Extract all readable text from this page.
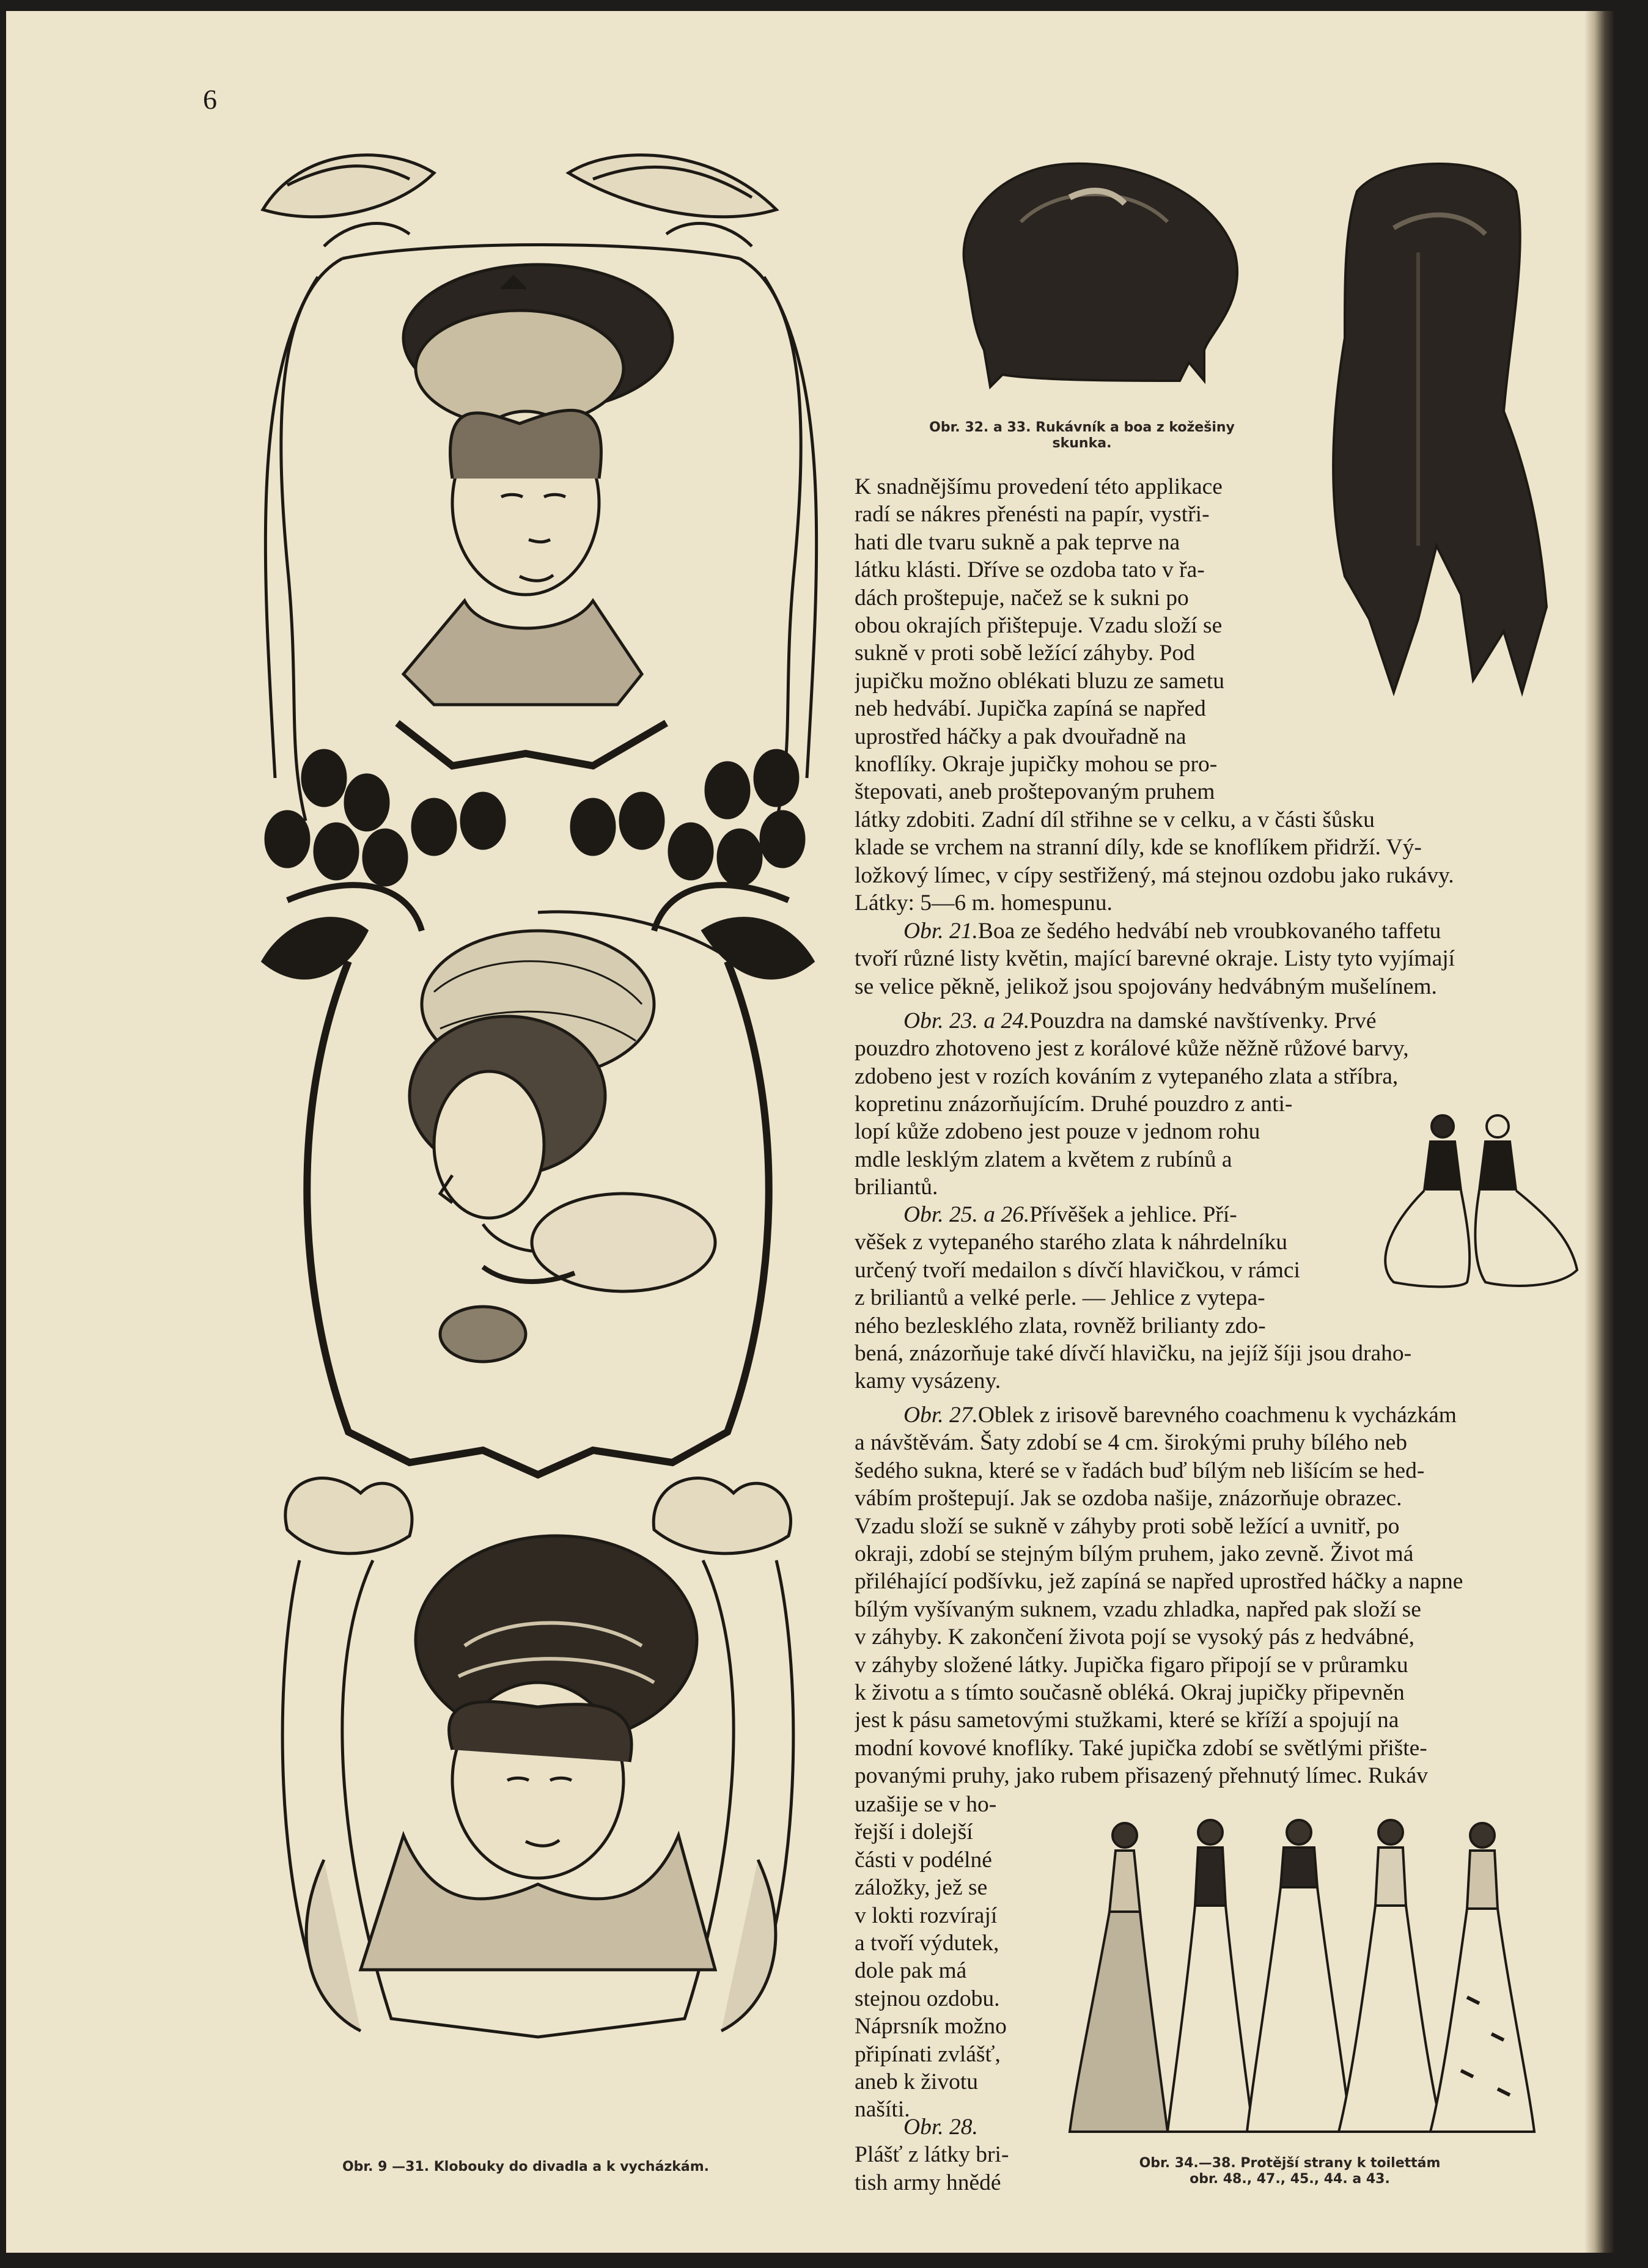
6
Obr. 9 —31. Klobouky do divadla a k vycházkám.
Obr. 32. a 33. Rukávník a boa z kožešiny
skunka.
K snadnějšímu provedení této applikace
radí se nákres přenésti na papír, vystři-
hati dle tvaru sukně a pak teprve na
látku klásti. Dříve se ozdoba tato v řa-
dách proštepuje, načež se k sukni po
obou okrajích přištepuje. Vzadu složí se
sukně v proti sobě ležící záhyby. Pod
jupičku možno oblékati bluzu ze sametu
neb hedvábí. Jupička zapíná se napřed
uprostřed háčky a pak dvouřadně na
knoflíky. Okraje jupičky mohou se pro-
štepovati, aneb proštepovaným pruhem
látky zdobiti. Zadní díl střihne se v celku, a v části šůsku
klade se vrchem na stranní díly, kde se knoflíkem přidrží. Vý-
ložkový límec, v cípy sestřižený, má stejnou ozdobu jako rukávy.
Látky: 5—6 m. homespunu.
Obr. 21.Boa ze šedého hedvábí neb vroubkovaného taffetu
tvoří různé listy květin, mající barevné okraje. Listy tyto vyjímají
se velice pěkně, jelikož jsou spojovány hedvábným mušelínem.
Obr. 23. a 24.Pouzdra na damské navštívenky. Prvé
pouzdro zhotoveno jest z korálové kůže něžně růžové barvy,
zdobeno jest v rozích kováním z vytepaného zlata a stříbra,
kopretinu znázorňujícím. Druhé pouzdro z anti-
lopí kůže zdobeno jest pouze v jednom rohu
mdle lesklým zlatem a květem z rubínů a
briliantů.
Obr. 25. a 26.Přívěšek a jehlice. Pří-
věšek z vytepaného starého zlata k náhrdelníku
určený tvoří medailon s dívčí hlavičkou, v rámci
z briliantů a velké perle. — Jehlice z vytepa-
ného bezleskléhо zlata, rovněž brilianty zdo-
bená, znázorňuje také dívčí hlavičku, na jejíž šíji jsou draho-
kamy vysázeny.
Obr. 27.Oblek z irisově barevného coachmenu k vycházkám
a návštěvám. Šaty zdobí se 4 cm. širokými pruhy bílého neb
šedého sukna, které se v řadách buď bílým neb lišícím se hed-
vábím proštepují. Jak se ozdoba našije, znázorňuje obrazec.
Vzadu složí se sukně v záhyby proti sobě ležící a uvnitř, po
okraji, zdobí se stejným bílým pruhem, jako zevně. Život má
přiléhající podšívku, jež zapíná se napřed uprostřed háčky a napne
bílým vyšívaným suknem, vzadu zhladka, napřed pak složí se
v záhyby. K zakončení života pojí se vysoký pás z hedvábné,
v záhyby složené látky. Jupička figaro připojí se v průramku
k životu a s tímto současně obléká. Okraj jupičky připevněn
jest k pásu sametovými stužkami, které se kříží a spojují na
modní kovové knoflíky. Také jupička zdobí se světlými přište-
povanými pruhy, jako rubem přisazený přehnutý límec. Rukáv
uzašije se v ho-
řejší i dolejší
části v podélné
záložky, jež se
v lokti rozvírají
a tvoří výdutek,
dole pak má
stejnou ozdobu.
Náprsník možno
připínati zvlášť,
aneb k životu
našíti.
Obr. 28.
Plášť z látky bri-
tish army hnědé
Obr. 34.—38. Protější strany k toilettám
obr. 48., 47., 45., 44. a 43.
